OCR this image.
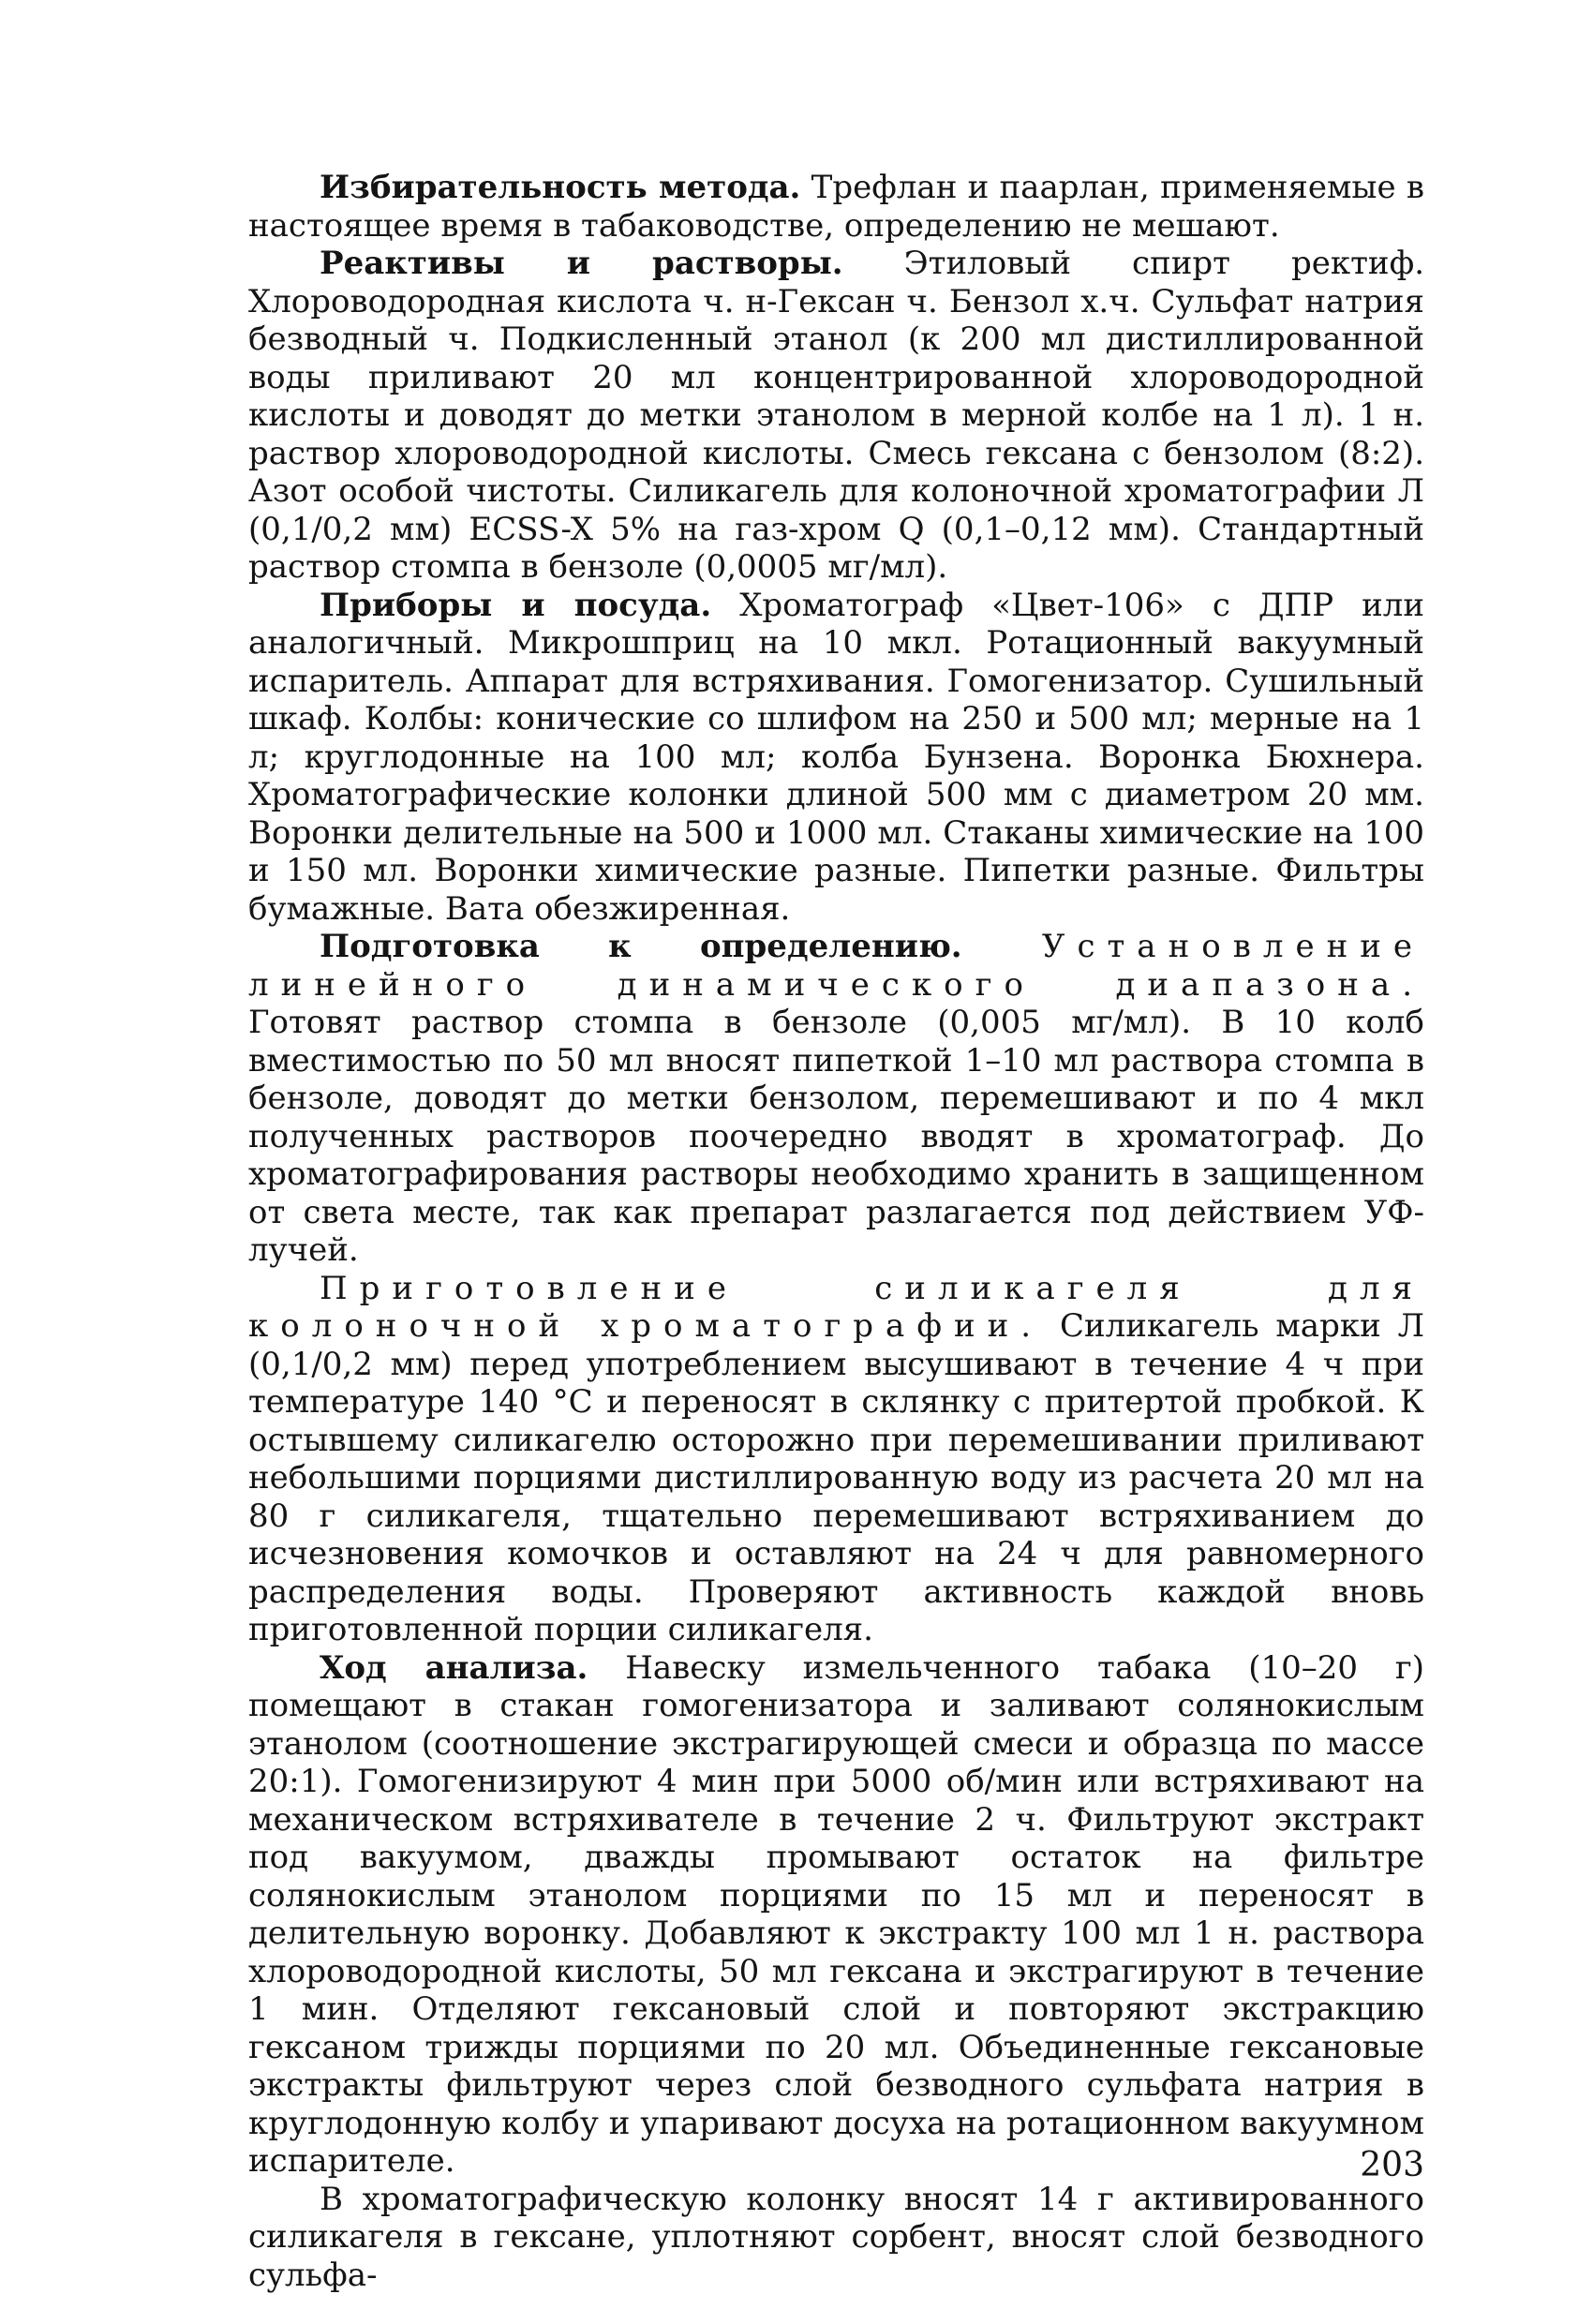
Избирательность метода. Трефлан и паарлан, применяемые в настоящее время в табаководстве, определению не мешают.

Реактивы и растворы. Этиловый спирт ректиф. Хлороводородная кислота ч. н-Гексан ч. Бензол х.ч. Сульфат натрия безводный ч. Подкисленный этанол (к 200 мл дистиллированной воды приливают 20 мл концентрированной хлороводородной кислоты и доводят до метки этанолом в мерной колбе на 1 л). 1 н. раствор хлороводородной кислоты. Смесь гексана с бензолом (8:2). Азот особой чистоты. Силикагель для колоночной хроматографии Л (0,1/0,2 мм) ECSS-X 5% на газ-хром Q (0,1–0,12 мм). Стандартный раствор стомпа в бензоле (0,0005 мг/мл).

Приборы и посуда. Хроматограф «Цвет-106» с ДПР или аналогичный. Микрошприц на 10 мкл. Ротационный вакуумный испаритель. Аппарат для встряхивания. Гомогенизатор. Сушильный шкаф. Колбы: конические со шлифом на 250 и 500 мл; мерные на 1 л; круглодонные на 100 мл; колба Бунзена. Воронка Бюхнера. Хроматографические колонки длиной 500 мм с диаметром 20 мм. Воронки делительные на 500 и 1000 мл. Стаканы химические на 100 и 150 мл. Воронки химические разные. Пипетки разные. Фильтры бумажные. Вата обезжиренная.

Подготовка к определению. Установление линейного динамического диапазона. Готовят раствор стомпа в бензоле (0,005 мг/мл). В 10 колб вместимостью по 50 мл вносят пипеткой 1–10 мл раствора стомпа в бензоле, доводят до метки бензолом, перемешивают и по 4 мкл полученных растворов поочередно вводят в хроматограф. До хроматографирования растворы необходимо хранить в защищенном от света месте, так как препарат разлагается под действием УФ-лучей.

Приготовление силикагеля для колоночной хроматографии. Силикагель марки Л (0,1/0,2 мм) перед употреблением высушивают в течение 4 ч при температуре 140 °С и переносят в склянку с притертой пробкой. К остывшему силикагелю осторожно при перемешивании приливают небольшими порциями дистиллированную воду из расчета 20 мл на 80 г силикагеля, тщательно перемешивают встряхиванием до исчезновения комочков и оставляют на 24 ч для равномерного распределения воды. Проверяют активность каждой вновь приготовленной порции силикагеля.

Ход анализа. Навеску измельченного табака (10–20 г) помещают в стакан гомогенизатора и заливают солянокислым этанолом (соотношение экстрагирующей смеси и образца по массе 20:1). Гомогенизируют 4 мин при 5000 об/мин или встряхивают на механическом встряхивателе в течение 2 ч. Фильтруют экстракт под вакуумом, дважды промывают остаток на фильтре солянокислым этанолом порциями по 15 мл и переносят в делительную воронку. Добавляют к экстракту 100 мл 1 н. раствора хлороводородной кислоты, 50 мл гексана и экстрагируют в течение 1 мин. Отделяют гексановый слой и повторяют экстракцию гексаном трижды порциями по 20 мл. Объединенные гексановые экстракты фильтруют через слой безводного сульфата натрия в круглодонную колбу и упаривают досуха на ротационном вакуумном испарителе.

В хроматографическую колонку вносят 14 г активированного силикагеля в гексане, уплотняют сорбент, вносят слой безводного сульфа-

203
